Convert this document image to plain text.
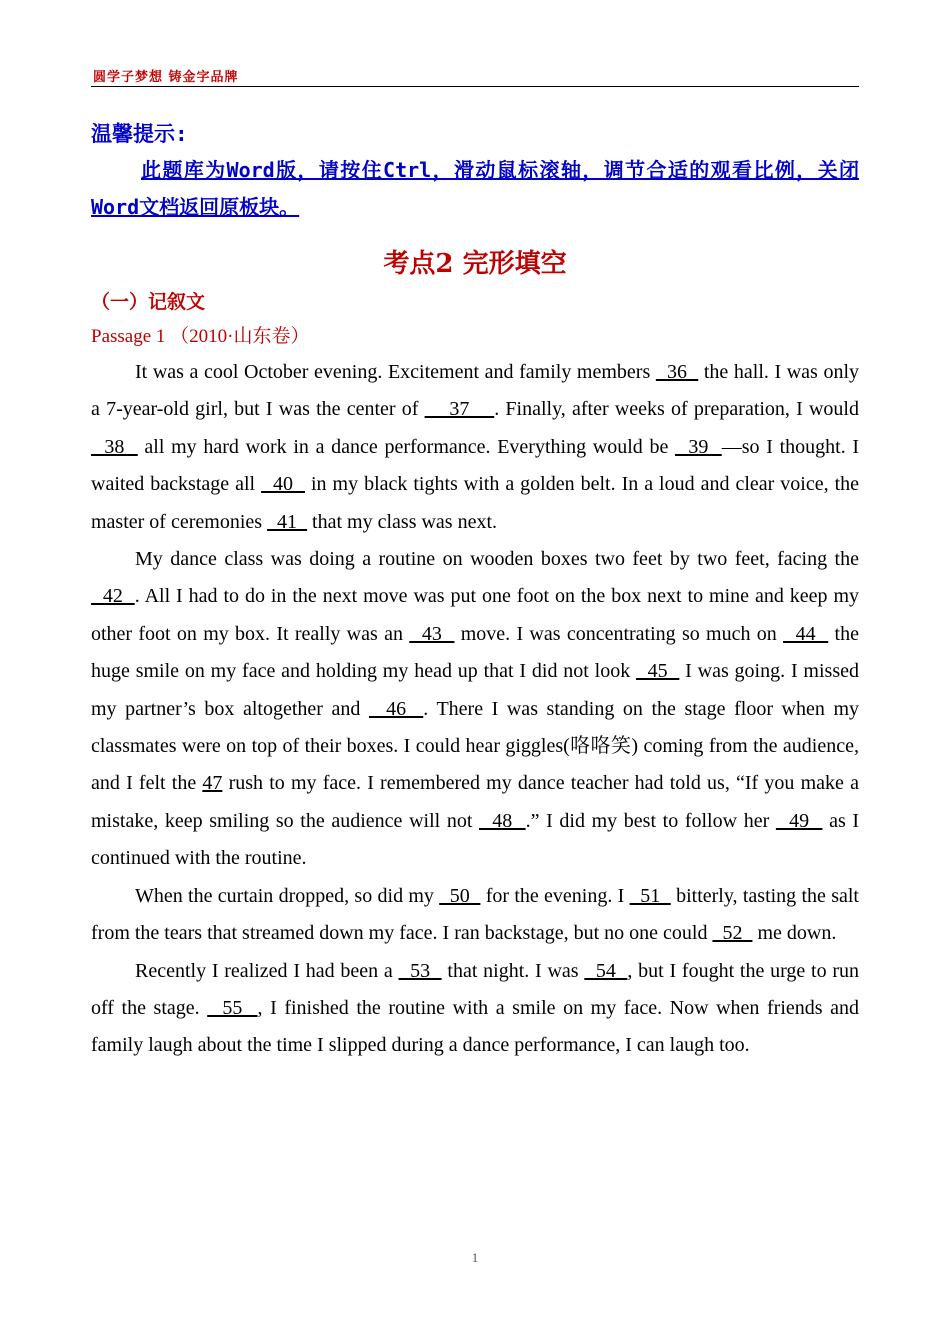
圆学子梦想 铸金字品牌
温馨提示:
此题库为Word版，请按住Ctrl，滑动鼠标滚轴，调节合适的观看比例，关闭Word文档返回原板块。
考点2 完形填空
（一）记叙文
Passage 1 （2010·山东卷）

It was a cool October evening. Excitement and family members   36   the hall. I was only a 7-year-old girl, but I was the center of     37    . Finally, after weeks of preparation, I would   38   all my hard work in a dance performance. Everything would be   39  —so I thought. I waited backstage all   40   in my black tights with a golden belt. In a loud and clear voice, the master of ceremonies   41   that my class was next.

My dance class was doing a routine on wooden boxes two feet by two feet, facing the   42  . All I had to do in the next move was put one foot on the box next to mine and keep my other foot on my box. It really was an   43   move. I was concentrating so much on   44   the huge smile on my face and holding my head up that I did not look   45   I was going. I missed my partner’s box altogether and   46  . There I was standing on the stage floor when my classmates were on top of their boxes. I could hear giggles(咯咯笑) coming from the audience, and I felt the 47 rush to my face. I remembered my dance teacher had told us, “If you make a mistake, keep smiling so the audience will not   48  .” I did my best to follow her   49   as I continued with the routine.

When the curtain dropped, so did my   50   for the evening. I   51   bitterly, tasting the salt from the tears that streamed down my face. I ran backstage, but no one could   52   me down.

Recently I realized I had been a   53   that night. I was   54  , but I fought the urge to run off the stage.   55  , I finished the routine with a smile on my face. Now when friends and family laugh about the time I slipped during a dance performance, I can laugh too.

1
